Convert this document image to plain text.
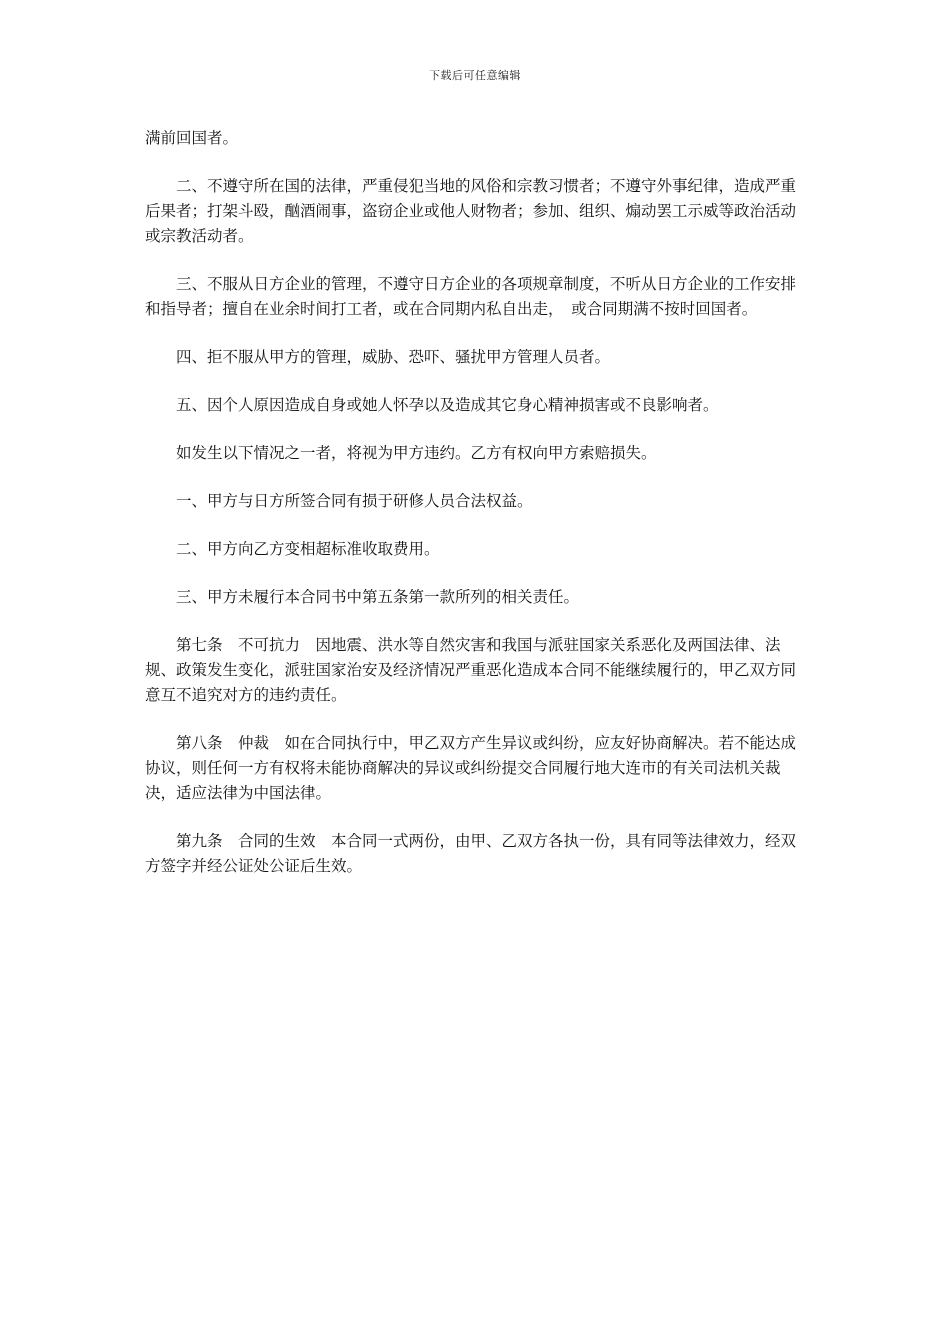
下载后可任意编辑

满前回国者。

二、不遵守所在国的法律，严重侵犯当地的风俗和宗教习惯者；不遵守外事纪律，造成严重后果者；打架斗殴，酗酒闹事，盗窃企业或他人财物者；参加、组织、煽动罢工示威等政治活动或宗教活动者。

三、不服从日方企业的管理，不遵守日方企业的各项规章制度，不听从日方企业的工作安排和指导者；擅自在业余时间打工者，或在合同期内私自出走，　或合同期满不按时回国者。

四、拒不服从甲方的管理，威胁、恐吓、骚扰甲方管理人员者。

五、因个人原因造成自身或她人怀孕以及造成其它身心精神损害或不良影响者。

如发生以下情况之一者，将视为甲方违约。乙方有权向甲方索赔损失。

一、甲方与日方所签合同有损于研修人员合法权益。

二、甲方向乙方变相超标准收取费用。

三、甲方未履行本合同书中第五条第一款所列的相关责任。

第七条　不可抗力　因地震、洪水等自然灾害和我国与派驻国家关系恶化及两国法律、法规、政策发生变化，派驻国家治安及经济情况严重恶化造成本合同不能继续履行的，甲乙双方同意互不追究对方的违约责任。

第八条　仲裁　如在合同执行中，甲乙双方产生异议或纠纷，应友好协商解决。若不能达成协议，则任何一方有权将未能协商解决的异议或纠纷提交合同履行地大连市的有关司法机关裁决，适应法律为中国法律。

第九条　合同的生效　本合同一式两份，由甲、乙双方各执一份，具有同等法律效力，经双方签字并经公证处公证后生效。
